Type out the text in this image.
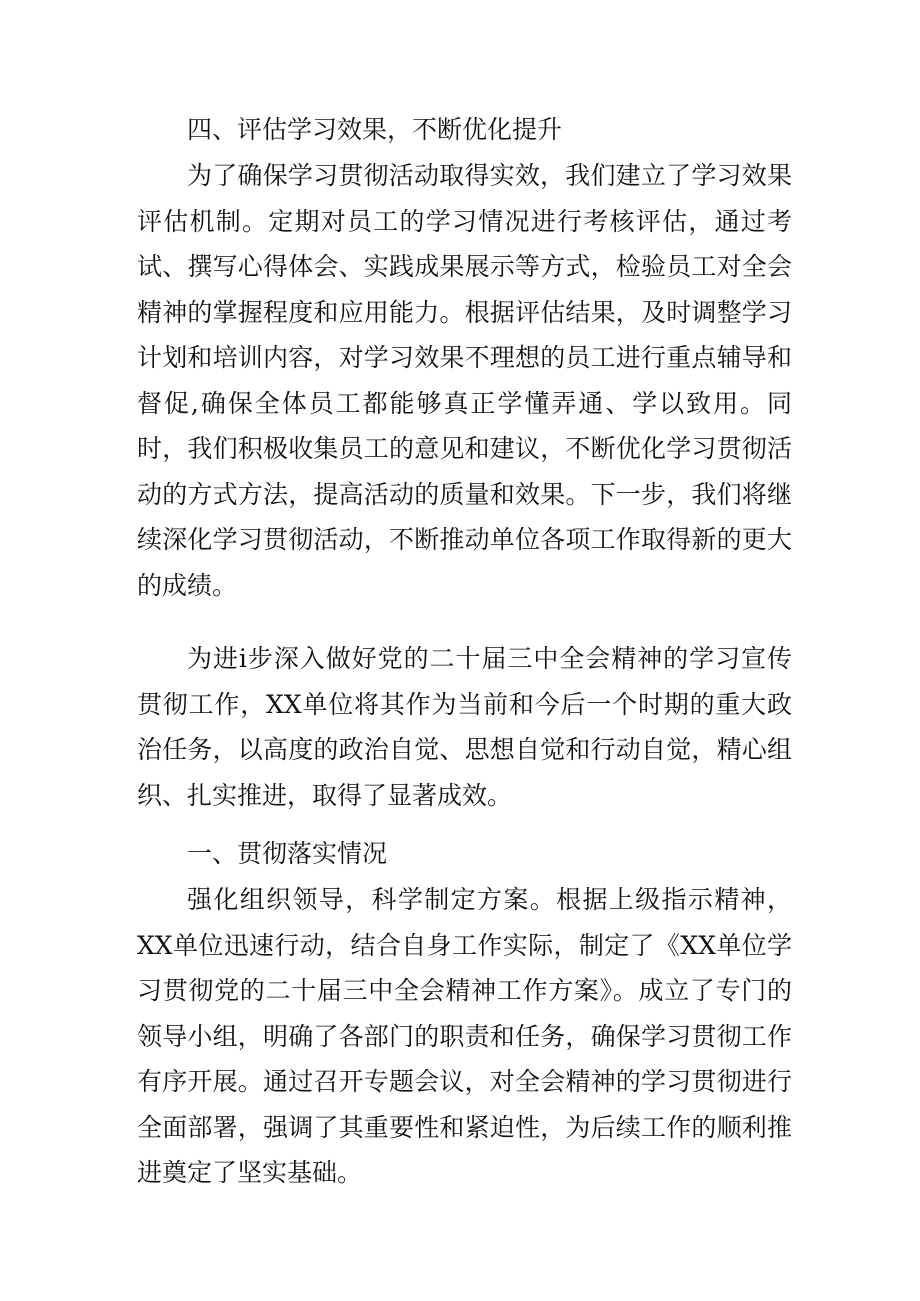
四、评估学习效果，不断优化提升

为了确保学习贯彻活动取得实效，我们建立了学习效果评估机制。定期对员工的学习情况进行考核评估，通过考试、撰写心得体会、实践成果展示等方式，检验员工对全会精神的掌握程度和应用能力。根据评估结果，及时调整学习计划和培训内容，对学习效果不理想的员工进行重点辅导和督促,确保全体员工都能够真正学懂弄通、学以致用。同时，我们积极收集员工的意见和建议，不断优化学习贯彻活动的方式方法，提高活动的质量和效果。下一步，我们将继续深化学习贯彻活动，不断推动单位各项工作取得新的更大的成绩。

为进i步深入做好党的二十届三中全会精神的学习宣传贯彻工作，XX单位将其作为当前和今后一个时期的重大政治任务，以高度的政治自觉、思想自觉和行动自觉，精心组织、扎实推进，取得了显著成效。

一、贯彻落实情况

强化组织领导，科学制定方案。根据上级指示精神，XX单位迅速行动，结合自身工作实际，制定了《XX单位学习贯彻党的二十届三中全会精神工作方案》。成立了专门的领导小组，明确了各部门的职责和任务，确保学习贯彻工作有序开展。通过召开专题会议，对全会精神的学习贯彻进行全面部署，强调了其重要性和紧迫性，为后续工作的顺利推进奠定了坚实基础。
